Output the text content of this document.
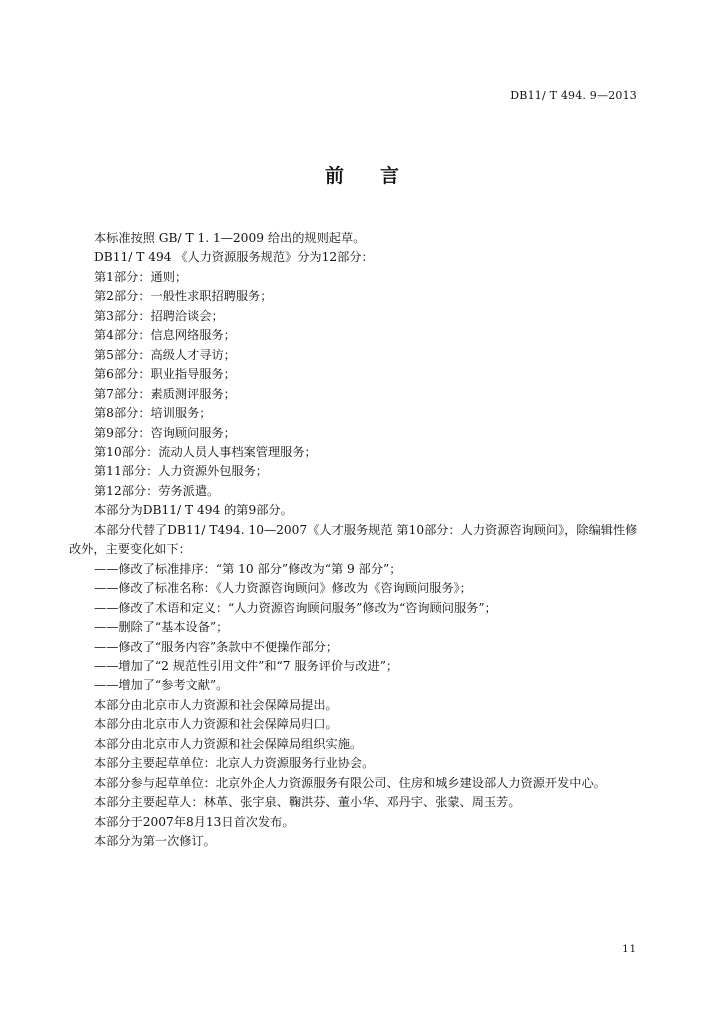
DB11/ T 494. 9—2013
前言
本标准按照 GB/ T 1. 1—2009 给出的规则起草。
DB11/ T 494 《人力资源服务规范》分为12部分：
第1部分：通则；
第2部分：一般性求职招聘服务；
第3部分：招聘洽谈会；
第4部分：信息网络服务；
第5部分：高级人才寻访；
第6部分：职业指导服务；
第7部分：素质测评服务；
第8部分：培训服务；
第9部分：咨询顾问服务；
第10部分：流动人员人事档案管理服务；
第11部分：人力资源外包服务；
第12部分：劳务派遣。
本部分为DB11/ T 494 的第9部分。
本部分代替了DB11/ T494. 10—2007《人才服务规范 第10部分：人力资源咨询顾问》，除编辑性修
改外，主要变化如下：
——修改了标准排序：“第 10 部分”修改为“第 9 部分”；
——修改了标准名称：《人力资源咨询顾问》修改为《咨询顾问服务》；
——修改了术语和定义：“人力资源咨询顾问服务”修改为“咨询顾问服务”；
——删除了“基本设备”；
——修改了“服务内容”条款中不便操作部分；
——增加了“2 规范性引用文件”和“7 服务评价与改进”；
——增加了“参考文献”。
本部分由北京市人力资源和社会保障局提出。
本部分由北京市人力资源和社会保障局归口。
本部分由北京市人力资源和社会保障局组织实施。
本部分主要起草单位：北京人力资源服务行业协会。
本部分参与起草单位：北京外企人力资源服务有限公司、住房和城乡建设部人力资源开发中心。
本部分主要起草人：林革、张宇泉、鞠洪芬、董小华、邓丹宇、张蒙、周玉芳。
本部分于2007年8月13日首次发布。
本部分为第一次修订。
11
